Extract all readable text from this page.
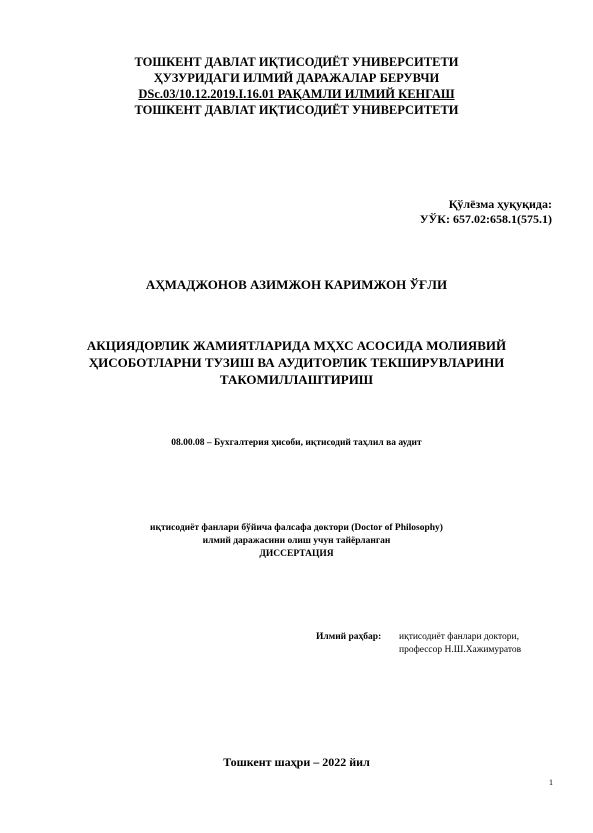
ТОШКЕНТ ДАВЛАТ ИҚТИСОДИЁТ УНИВЕРСИТЕТИ
ҲУЗУРИДАГИ ИЛМИЙ ДАРАЖАЛАР БЕРУВЧИ
DSc.03/10.12.2019.I.16.01 РАҚАМЛИ ИЛМИЙ КЕНГАШ
ТОШКЕНТ ДАВЛАТ ИҚТИСОДИЁТ УНИВЕРСИТЕТИ
Қўлёзма ҳуқуқида:
УЎК: 657.02:658.1(575.1)
АҲМАДЖОНОВ АЗИМЖОН КАРИМЖОН ЎҒЛИ
АКЦИЯДОРЛИК ЖАМИЯТЛАРИДА МҲХС АСОСИДА МОЛИЯВИЙ
ҲИСОБОТЛАРНИ ТУЗИШ ВА АУДИТОРЛИК ТЕКШИРУВЛАРИНИ
ТАКОМИЛЛАШТИРИШ
08.00.08 – Бухгалтерия ҳисоби, иқтисодий таҳлил ва аудит
иқтисодиёт фанлари бўйича фалсафа доктори (Doctor of Philosophy)
илмий даражасини олиш учун тайёрланган
ДИССЕРТАЦИЯ
Илмий раҳбар: иқтисодиёт фанлари доктори,
профессор Н.Ш.Хажимуратов
Тошкент шаҳри – 2022 йил
1
